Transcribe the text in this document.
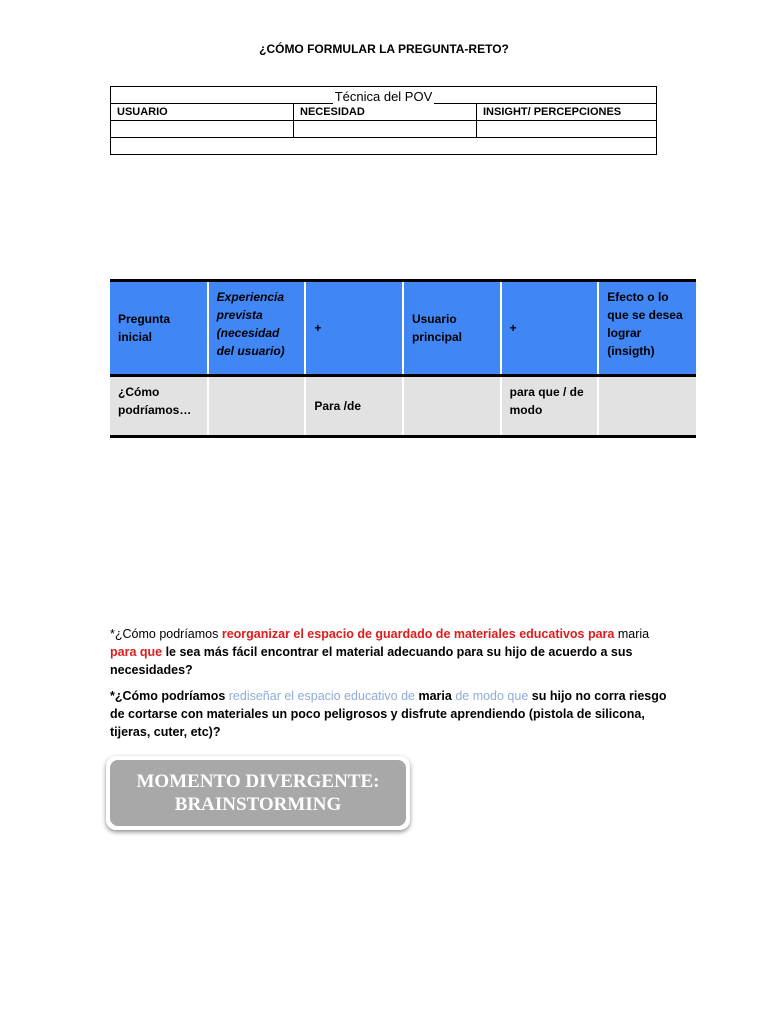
¿CÓMO FORMULAR LA PREGUNTA-RETO?
Técnica del POV		
USUARIO	NECESIDAD	INSIGHT/ PERCEPCIONES

Pregunta inicial	Experiencia prevista (necesidad del usuario)	+	Usuario principal	+	Efecto o lo que se desea lograr (insigth)
¿Cómo podríamos…		Para /de		para que / de modo	

*¿Cómo podríamos reorganizar el espacio de guardado de materiales educativos para maria para que le sea más fácil encontrar el material adecuando para su hijo de acuerdo a sus necesidades?

*¿Cómo podríamos rediseñar el espacio educativo de maria de modo que su hijo no corra riesgo de cortarse con materiales un poco peligrosos y disfrute aprendiendo (pistola de silicona, tijeras, cuter, etc)?

MOMENTO DIVERGENTE:
BRAINSTORMING
